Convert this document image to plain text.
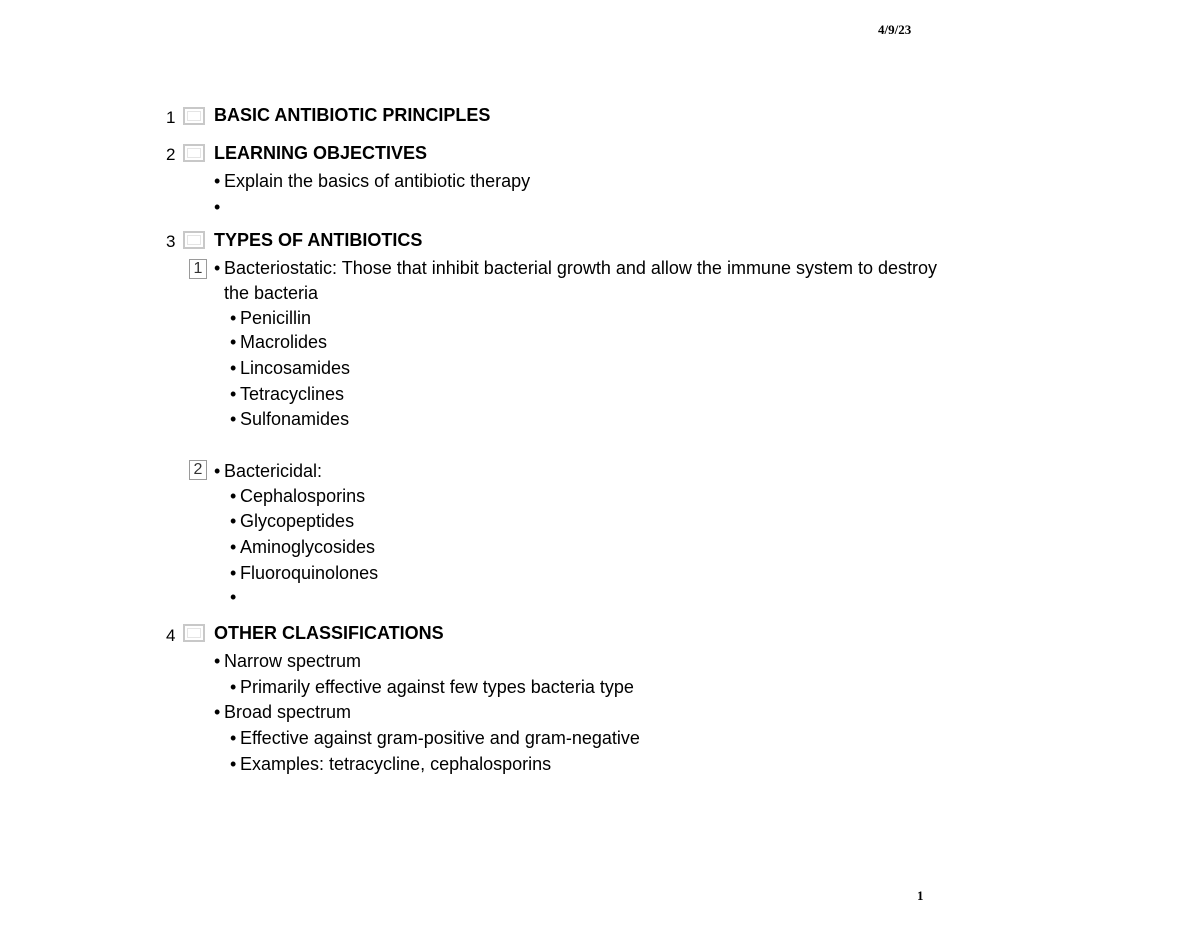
4/9/23
1
1 BASIC ANTIBIOTIC PRINCIPLES
2 LEARNING OBJECTIVES
• Explain the basics of antibiotic therapy
•
3 TYPES OF ANTIBIOTICS
1 • Bacteriostatic: Those that inhibit bacterial growth and allow the immune system to destroy
the bacteria
• Penicillin
• Macrolides
• Lincosamides
• Tetracyclines
• Sulfonamides
2 • Bactericidal:
• Cephalosporins
• Glycopeptides
• Aminoglycosides
• Fluoroquinolones
•
4 OTHER CLASSIFICATIONS
• Narrow spectrum
• Primarily effective against few types bacteria type
• Broad spectrum
• Effective against gram-positive and gram-negative
• Examples: tetracycline, cephalosporins
